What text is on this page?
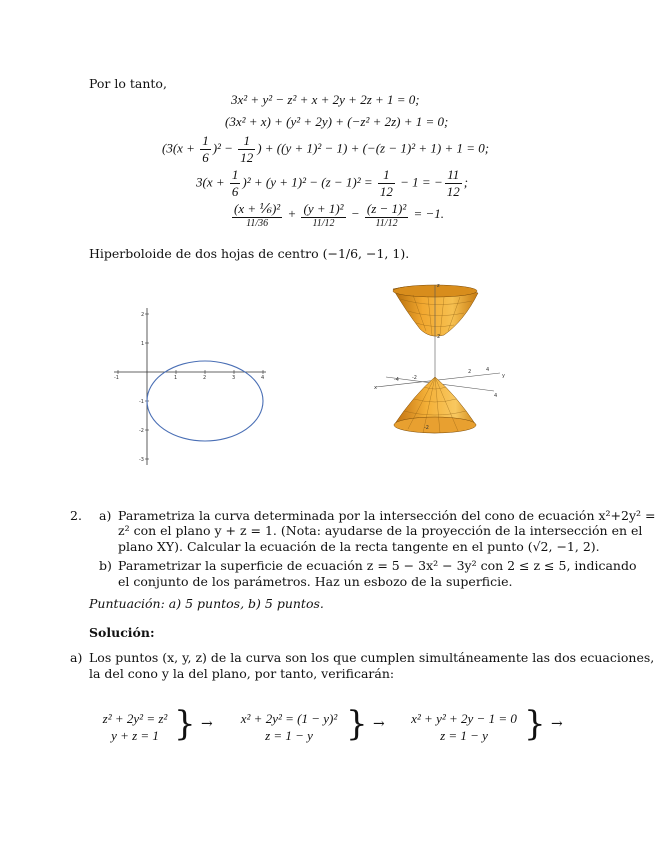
Por lo tanto,
3x² + y² − z² + x + 2y + 2z + 1 = 0;
(3x² + x) + (y² + 2y) + (−z² + 2z) + 1 = 0;
($3(x + \frac{1}{6} )^2 - \frac{1}{12}$ ) + ((y + 1)² − 1) + (−(z − 1)² + 1) + 1 = 0;
$3(x + \frac{1}{6} )^2 + (y + 1)^2 - (z - 1)^2 = \frac{1}{12} - 1$ = − $\frac{11}{12}$ ;
$\frac{\text{(x + ⅙)²}}{11/36} + \frac{\text{(y + 1)²}}{11/12} - \frac{\text{(z − 1)²}}{11/12} = -1$.
Hiperboloide de dos hojas de centro (−1/6, −1, 1).
-1	1	2	3	4
2
1
-1
-2
-3
z
2
-4	-2
2	4
y
x
-2
4
2. a) Parametriza la curva determinada por la intersección del cono de ecuación x²+2y² =
z² con el plano y + z = 1. (Nota: ayudarse de la proyección de la intersección en el
plano XY). Calcular la ecuación de la recta tangente en el punto (√2, −1, 2).
b) Parametrizar la superficie de ecuación z = 5 − 3x² − 3y² con 2 ≤ z ≤ 5, indicando
el conjunto de los parámetros. Haz un esbozo de la superficie.
Puntuación: a) 5 puntos, b) 5 puntos.
Solución:
a) Los puntos (x, y, z) de la curva son los que cumplen simultáneamente las dos ecuaciones,
la del cono y la del plano, por tanto, verificarán:
z² + 2y² = z²
y + z = 1 } →	x² + 2y² = (1 − y)²
z = 1 − y } →	x² + y² + 2y − 1 = 0
z = 1 − y	} →
